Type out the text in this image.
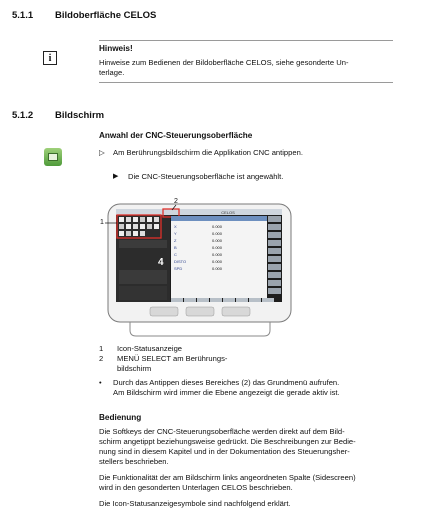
5.1.1 Bildoberfläche CELOS
i
Hinweis!
Hinweise zum Bedienen der Bildoberfläche CELOS, siehe gesonderte Un-
terlage.
5.1.2 Bildschirm
Anwahl der CNC-Steuerungsoberfläche
▷ Am Berührungsbildschirm die Applikation CNC antippen.
▶ Die CNC-Steuerungsoberfläche ist angewählt.
CELOS
4
X	0.000
Y	0.000
Z	0.000
B	0.000
C	0.000
DISTO	0.000
SPD	0.000
1
2
1 Icon-Statusanzeige
2 MENÜ SELECT am Berührungs-
bildschirm
• Durch das Antippen dieses Bereiches (2) das Grundmenü aufrufen.
Am Bildschirm wird immer die Ebene angezeigt die gerade aktiv ist.
Bedienung
Die Softkeys der CNC-Steuerungsoberfläche werden direkt auf dem Bild-
schirm angetippt beziehungsweise gedrückt. Die Beschreibungen zur Bedie-
nung sind in diesem Kapitel und in der Dokumentation des Steuerungsher-
stellers beschrieben.
Die Funktionalität der am Bildschirm links angeordneten Spalte (Sidescreen)
wird in den gesonderten Unterlagen CELOS beschrieben.
Die Icon-Statusanzeigesymbole sind nachfolgend erklärt.
